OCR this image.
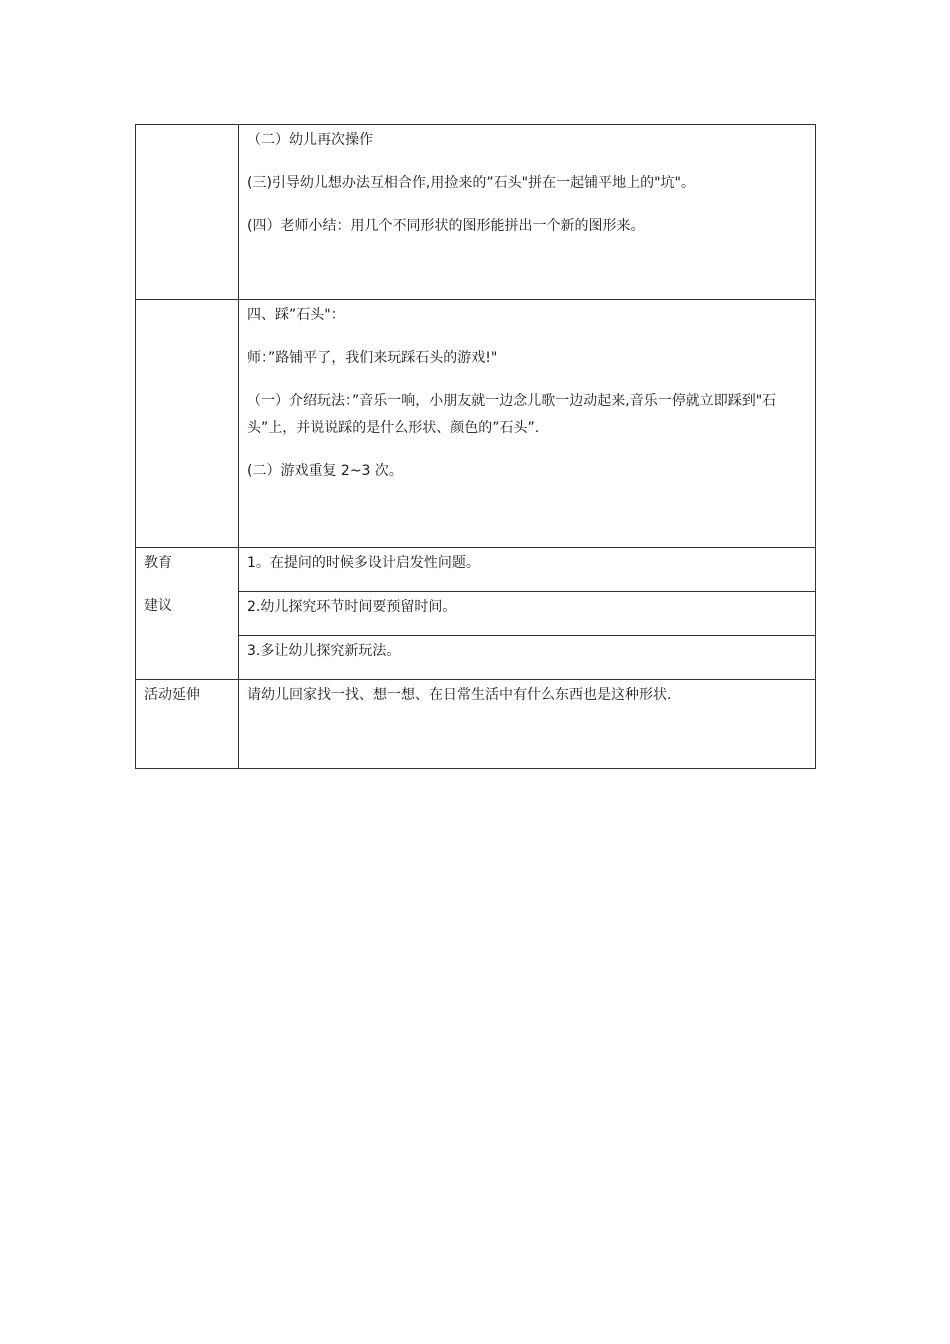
	（二）幼儿再次操作

(三)引导幼儿想办法互相合作,用捡来的”石头"拼在一起铺平地上的"坑"。

(四）老师小结：用几个不同形状的图形能拼出一个新的图形来。

	四、踩”石头"：

师：”路铺平了，我们来玩踩石头的游戏!"

（一）介绍玩法：”音乐一响，小朋友就一边念儿歌一边动起来,音乐一停就立即踩到"石头”上，并说说踩的是什么形状、颜色的”石头”.

(二）游戏重复 2~3 次。

教育

建议	1。在提问的时候多设计启发性问题。
	2.幼儿探究环节时间要预留时间。
	3.多让幼儿探究新玩法。
活动延伸	请幼儿回家找一找、想一想、在日常生活中有什么东西也是这种形状.
